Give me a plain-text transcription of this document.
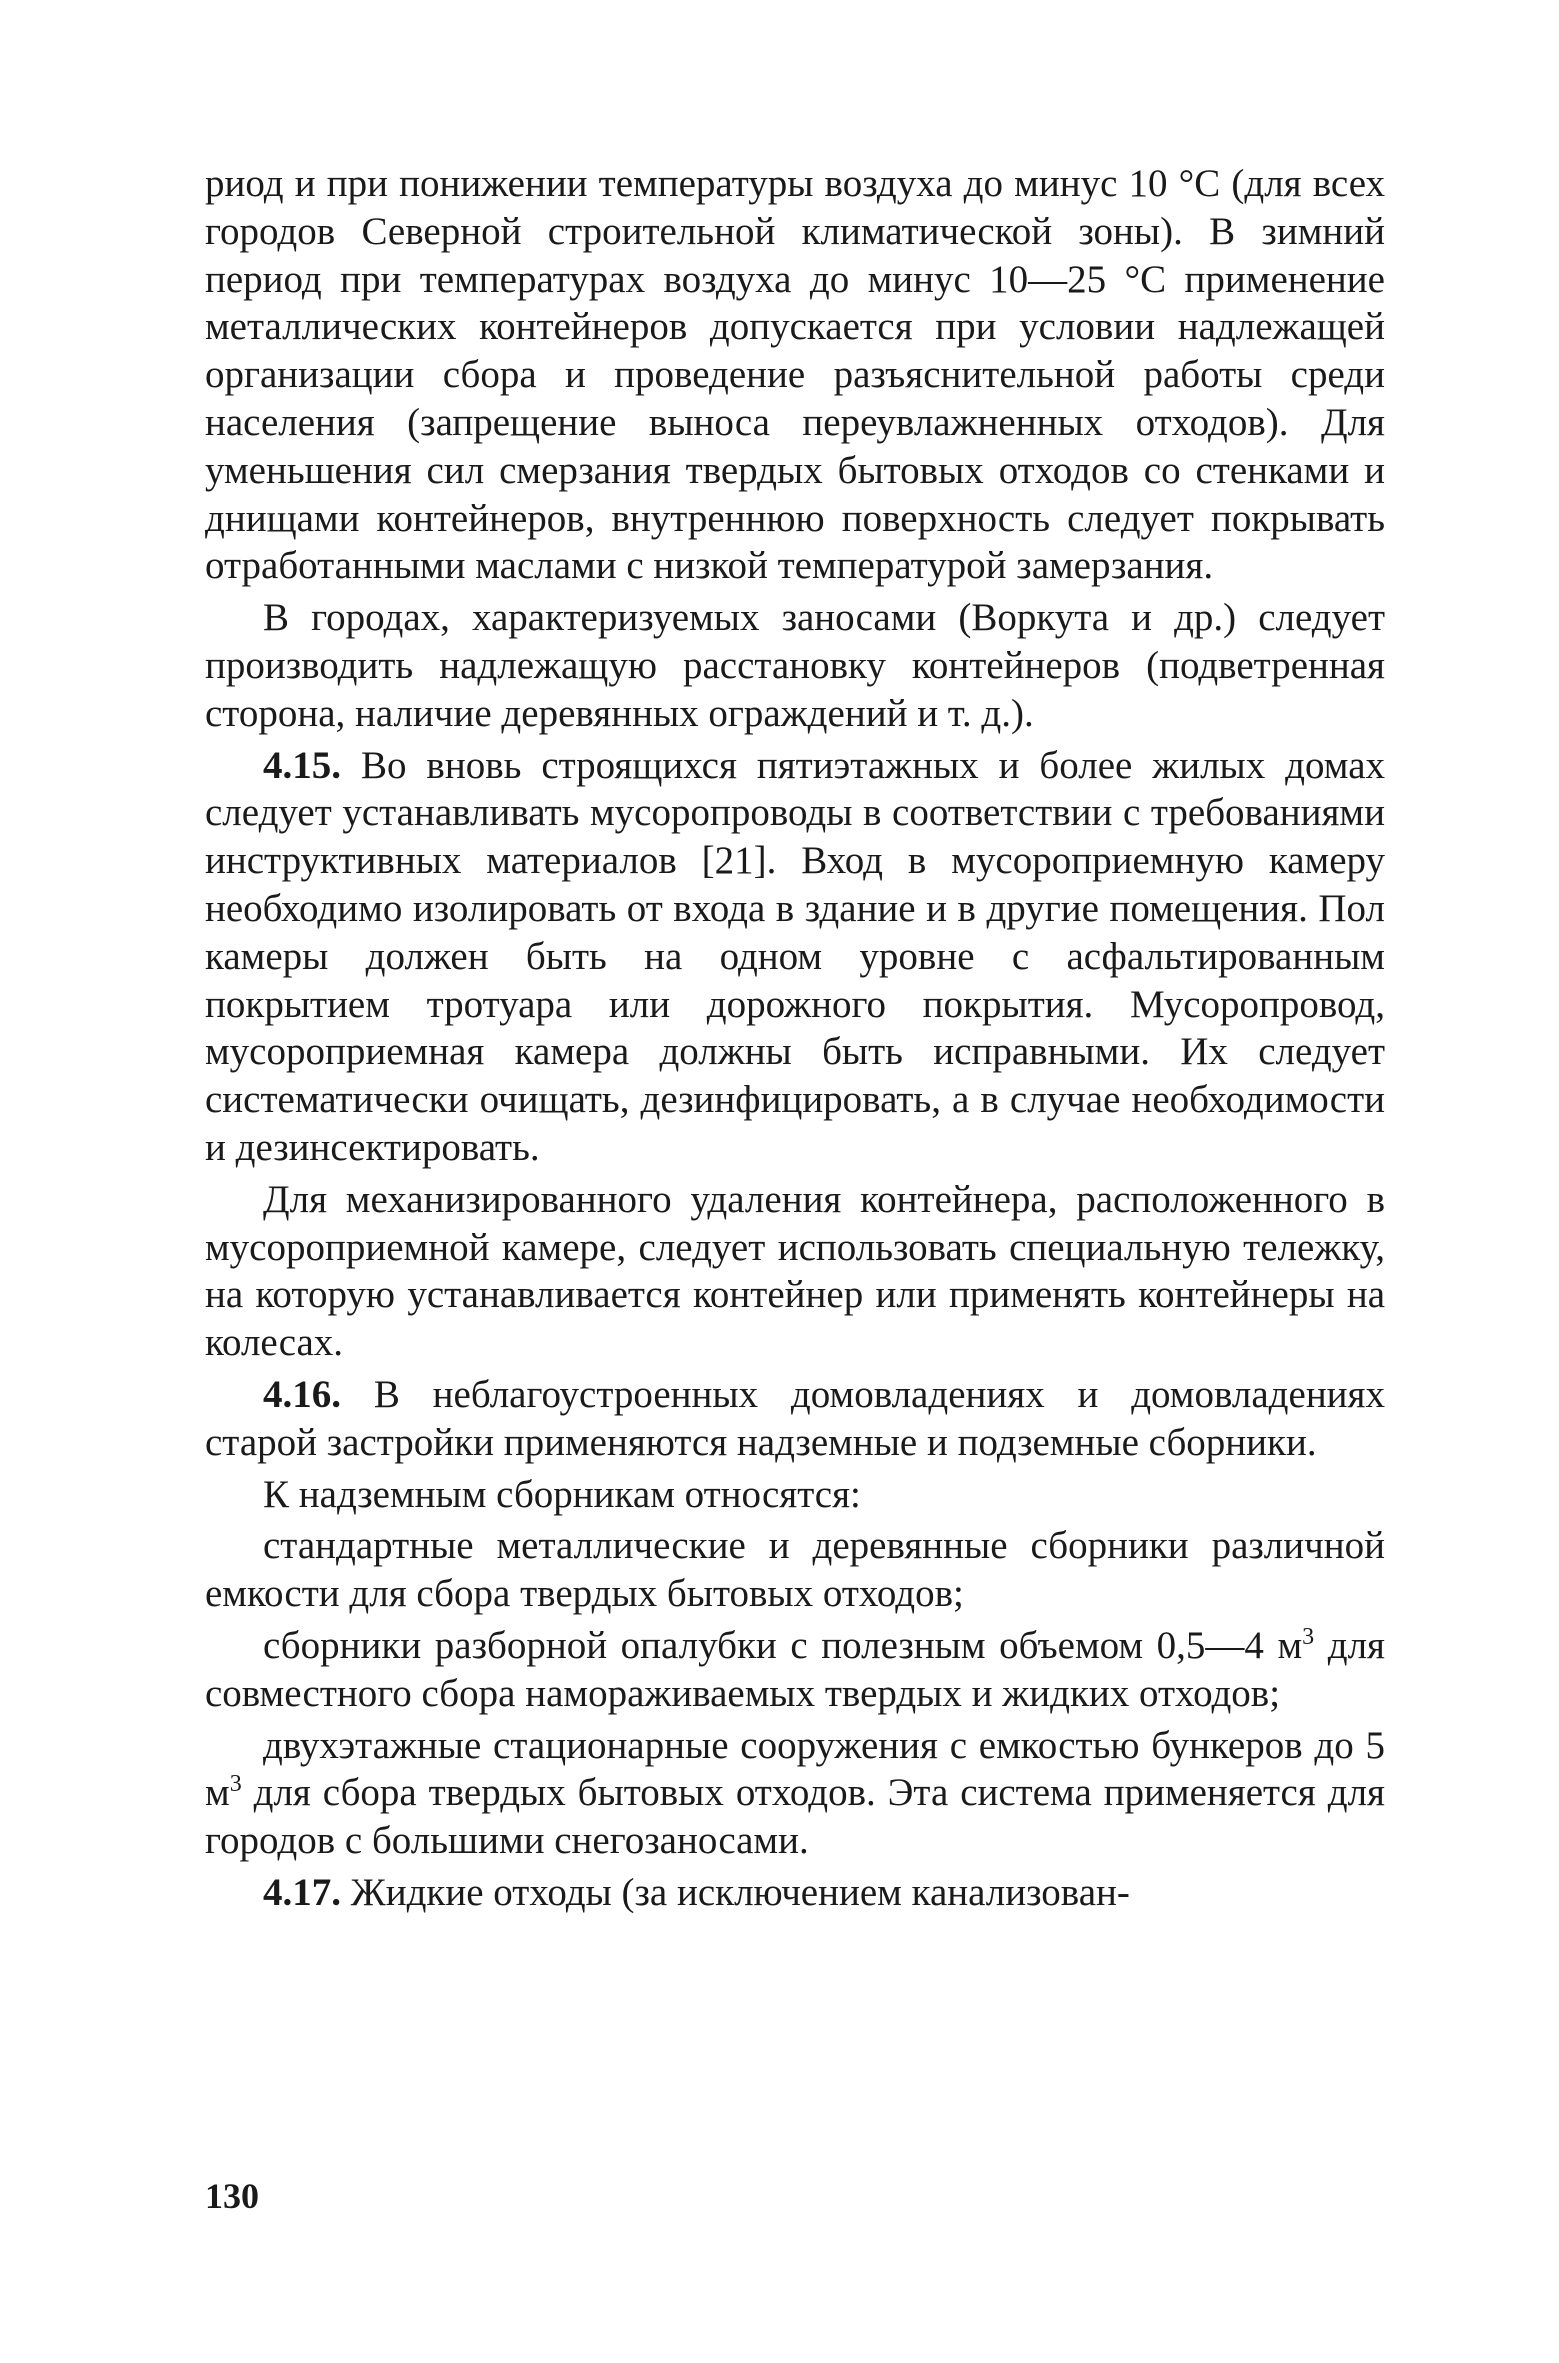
риод и при понижении температуры воздуха до минус 10 °С (для всех городов Северной строительной климатической зоны). В зимний период при температурах воздуха до минус 10—25 °С применение металлических контейнеров допускается при условии надлежащей организации сбора и проведение разъяснительной работы среди населения (запрещение выноса переувлажненных отходов). Для уменьшения сил смерзания твердых бытовых отходов со стенками и днищами контейнеров, внутреннюю поверхность следует покрывать отработанными маслами с низкой температурой замерзания.

В городах, характеризуемых заносами (Воркута и др.) следует производить надлежащую расстановку контейнеров (подветренная сторона, наличие деревянных ограждений и т. д.).

4.15. Во вновь строящихся пятиэтажных и более жилых домах следует устанавливать мусоропроводы в соответствии с требованиями инструктивных материалов [21]. Вход в мусороприемную камеру необходимо изолировать от входа в здание и в другие помещения. Пол камеры должен быть на одном уровне с асфальтированным покрытием тротуара или дорожного покрытия. Мусоропровод, мусороприемная камера должны быть исправными. Их следует систематически очищать, дезинфицировать, а в случае необходимости и дезинсектировать.

Для механизированного удаления контейнера, расположенного в мусороприемной камере, следует использовать специальную тележку, на которую устанавливается контейнер или применять контейнеры на колесах.

4.16. В неблагоустроенных домовладениях и домовладениях старой застройки применяются надземные и подземные сборники.

К надземным сборникам относятся:

стандартные металлические и деревянные сборники различной емкости для сбора твердых бытовых отходов;

сборники разборной опалубки с полезным объемом 0,5—4 $м^3$ для совместного сбора намораживаемых твердых и жидких отходов;

двухэтажные стационарные сооружения с емкостью бункеров до 5 $м^3$ для сбора твердых бытовых отходов. Эта система применяется для городов с большими снегозаносами.

4.17. Жидкие отходы (за исключением канализован-

130
